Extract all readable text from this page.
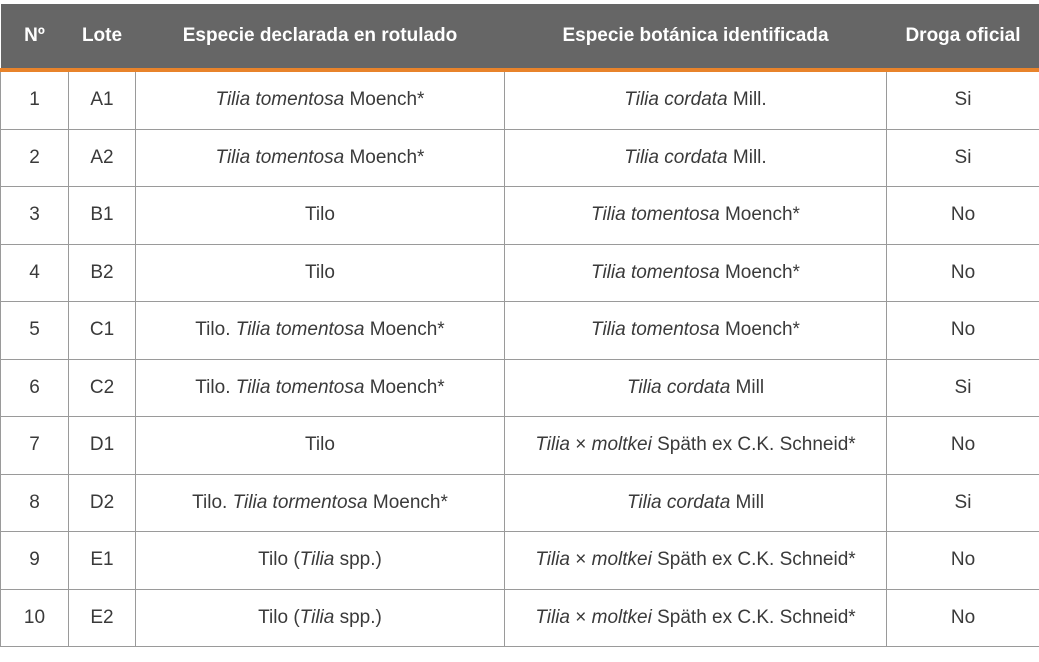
Nº	Lote	Especie declarada en rotulado	Especie botánica identificada	Droga oficial
1	A1	Tilia tomentosa Moench*	Tilia cordata Mill.	Si
2	A2	Tilia tomentosa Moench*	Tilia cordata Mill.	Si
3	B1	Tilo	Tilia tomentosa Moench*	No
4	B2	Tilo	Tilia tomentosa Moench*	No
5	C1	Tilo. Tilia tomentosa Moench*	Tilia tomentosa Moench*	No
6	C2	Tilo. Tilia tomentosa Moench*	Tilia cordata Mill	Si
7	D1	Tilo	Tilia × moltkei Späth ex C.K. Schneid*	No
8	D2	Tilo. Tilia tormentosa Moench*	Tilia cordata Mill	Si
9	E1	Tilo (Tilia spp.)	Tilia × moltkei Späth ex C.K. Schneid*	No
10	E2	Tilo (Tilia spp.)	Tilia × moltkei Späth ex C.K. Schneid*	No
